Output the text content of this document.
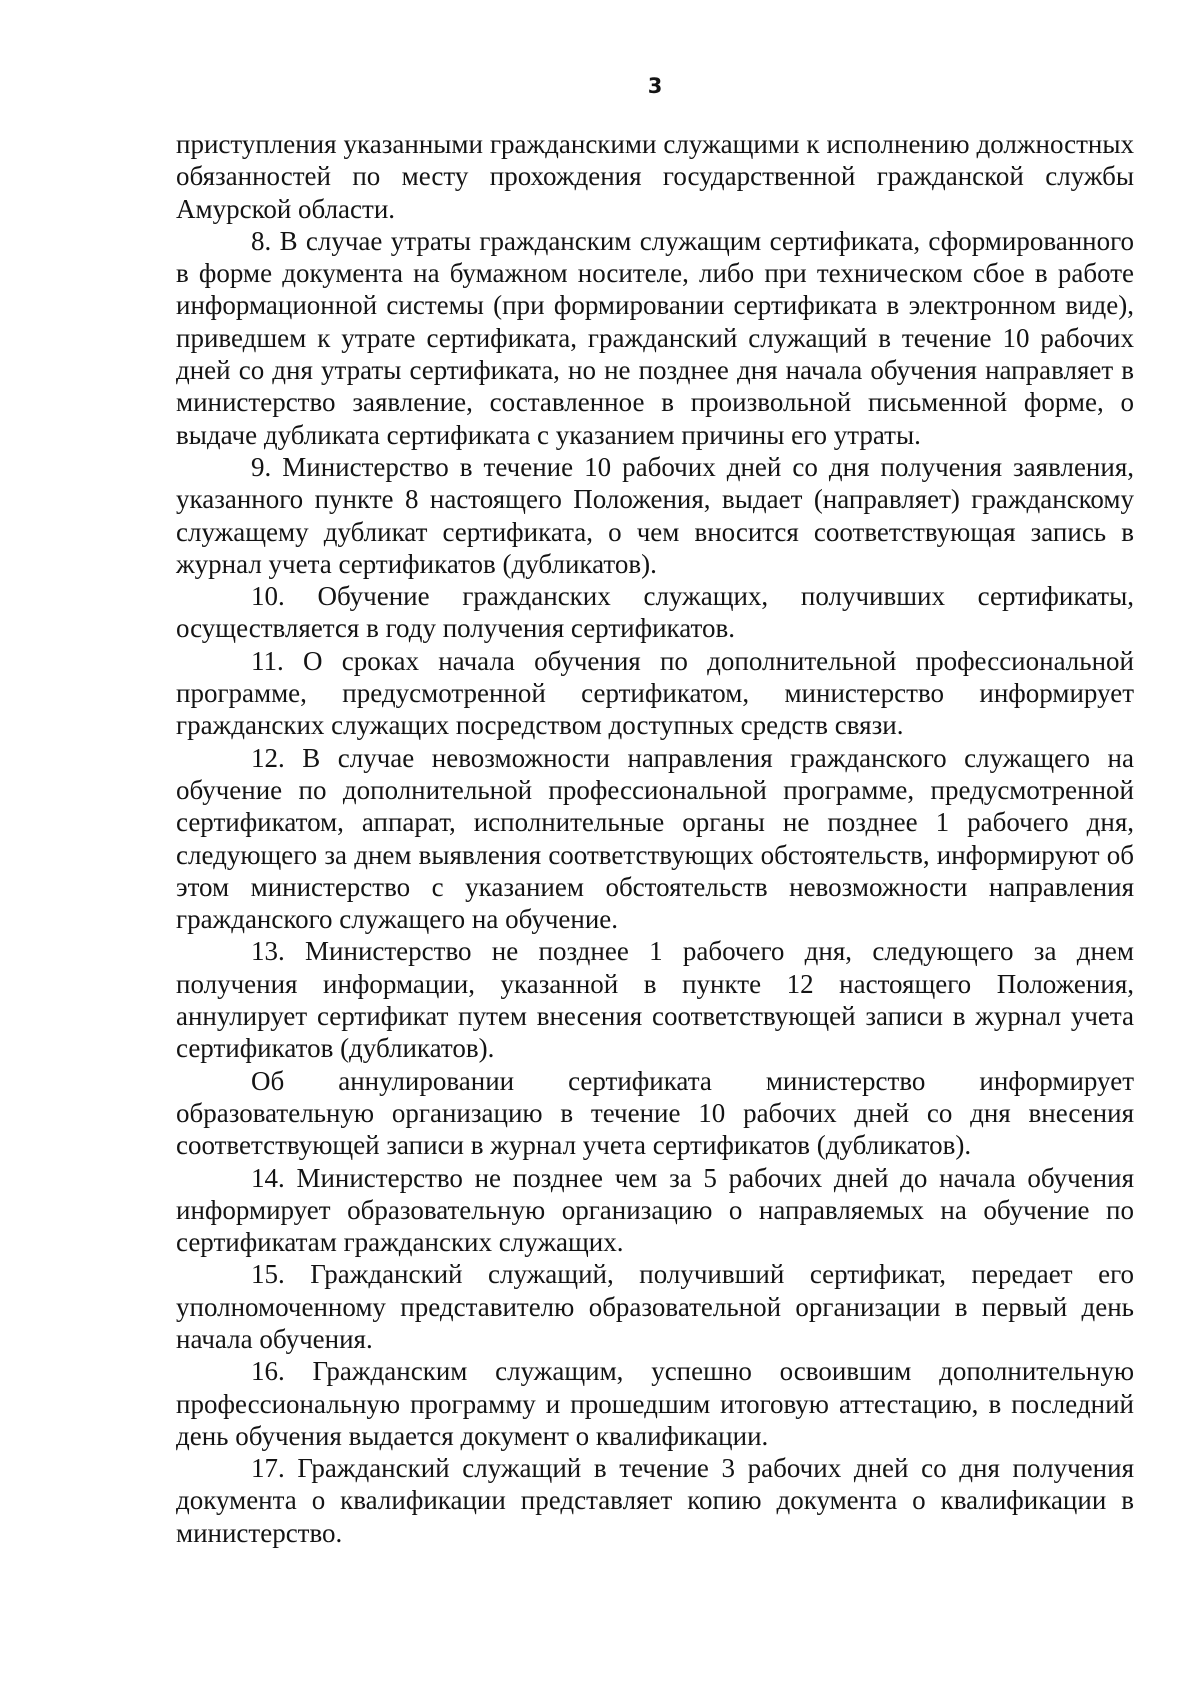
3

приступления указанными гражданскими служащими к исполнению должностных обязанностей по месту прохождения государственной гражданской службы Амурской области.

8. В случае утраты гражданским служащим сертификата, сформированного в форме документа на бумажном носителе, либо при техническом сбое в работе информационной системы (при формировании сертификата в электронном виде), приведшем к утрате сертификата, гражданский служащий в течение 10 рабочих дней со дня утраты сертификата, но не позднее дня начала обучения направляет в министерство заявление, составленное в произвольной письменной форме, о выдаче дубликата сертификата с указанием причины его утраты.

9. Министерство в течение 10 рабочих дней со дня получения заявления, указанного пункте 8 настоящего Положения, выдает (направляет) гражданскому служащему дубликат сертификата, о чем вносится соответствующая запись в журнал учета сертификатов (дубликатов).

10. Обучение гражданских служащих, получивших сертификаты, осуществляется в году получения сертификатов.

11. О сроках начала обучения по дополнительной профессиональной программе, предусмотренной сертификатом, министерство информирует гражданских служащих посредством доступных средств связи.

12. В случае невозможности направления гражданского служащего на обучение по дополнительной профессиональной программе, предусмотренной сертификатом, аппарат, исполнительные органы не позднее 1 рабочего дня, следующего за днем выявления соответствующих обстоятельств, информируют об этом министерство с указанием обстоятельств невозможности направления гражданского служащего на обучение.

13. Министерство не позднее 1 рабочего дня, следующего за днем получения информации, указанной в пункте 12 настоящего Положения, аннулирует сертификат путем внесения соответствующей записи в журнал учета сертификатов (дубликатов).

Об аннулировании сертификата министерство информирует образовательную организацию в течение 10 рабочих дней со дня внесения соответствующей записи в журнал учета сертификатов (дубликатов).

14. Министерство не позднее чем за 5 рабочих дней до начала обучения информирует образовательную организацию о направляемых на обучение по сертификатам гражданских служащих.

15. Гражданский служащий, получивший сертификат, передает его уполномоченному представителю образовательной организации в первый день начала обучения.

16. Гражданским служащим, успешно освоившим дополнительную профессиональную программу и прошедшим итоговую аттестацию, в последний день обучения выдается документ о квалификации.

17. Гражданский служащий в течение 3 рабочих дней со дня получения документа о квалификации представляет копию документа о квалификации в министерство.
